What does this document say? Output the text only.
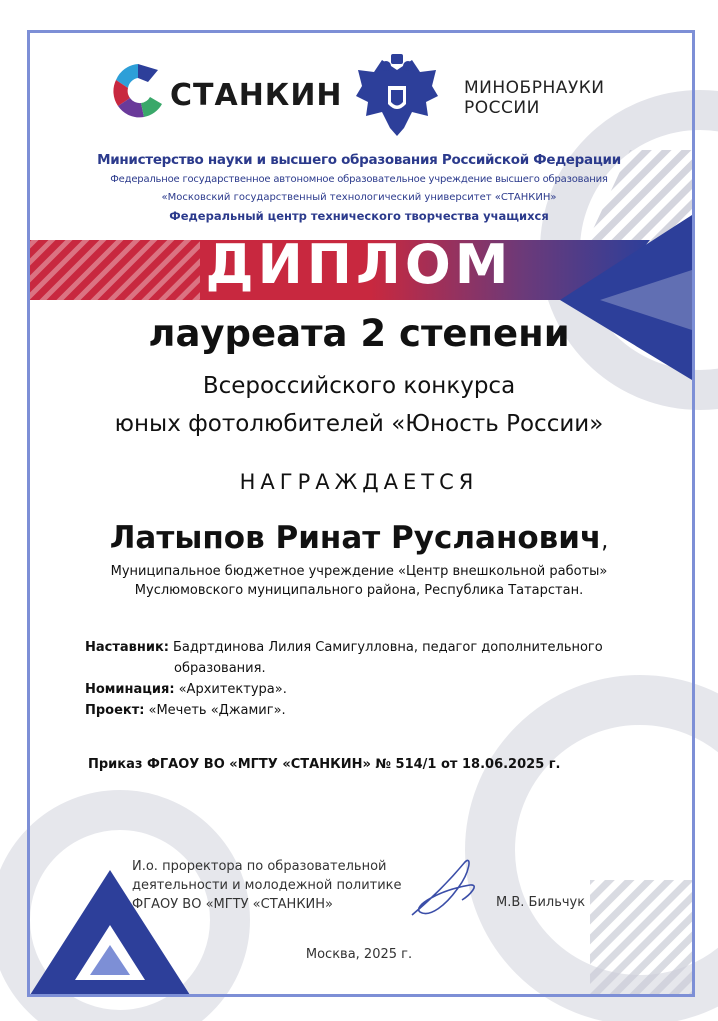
СТАНКИН	МИНОБРНАУКИ
РОССИИ
Министерство науки и высшего образования Российской Федерации
Федеральное государственное автономное образовательное учреждение высшего образования
«Московский государственный технологический университет «СТАНКИН»
Федеральный центр технического творчества учащихся
ДИПЛОМ
лауреата 2 степени
Всероссийского конкурса
юных фотолюбителей «Юность России»
НАГРАЖДАЕТСЯ
Латыпов Ринат Русланович,
Муниципальное бюджетное учреждение «Центр внешкольной работы»
Муслюмовского муниципального района, Республика Татарстан.
Наставник: Бадртдинова Лилия Самигулловна, педагог дополнительного
образования.
Номинация: «Архитектура».
Проект: «Мечеть «Джамиг».
Приказ ФГАОУ ВО «МГТУ «СТАНКИН» № 514/1 от 18.06.2025 г.
И.о. проректора по образовательной
деятельности и молодежной политике
ФГАОУ ВО «МГТУ «СТАНКИН»	М.В. Бильчук
Москва, 2025 г.
